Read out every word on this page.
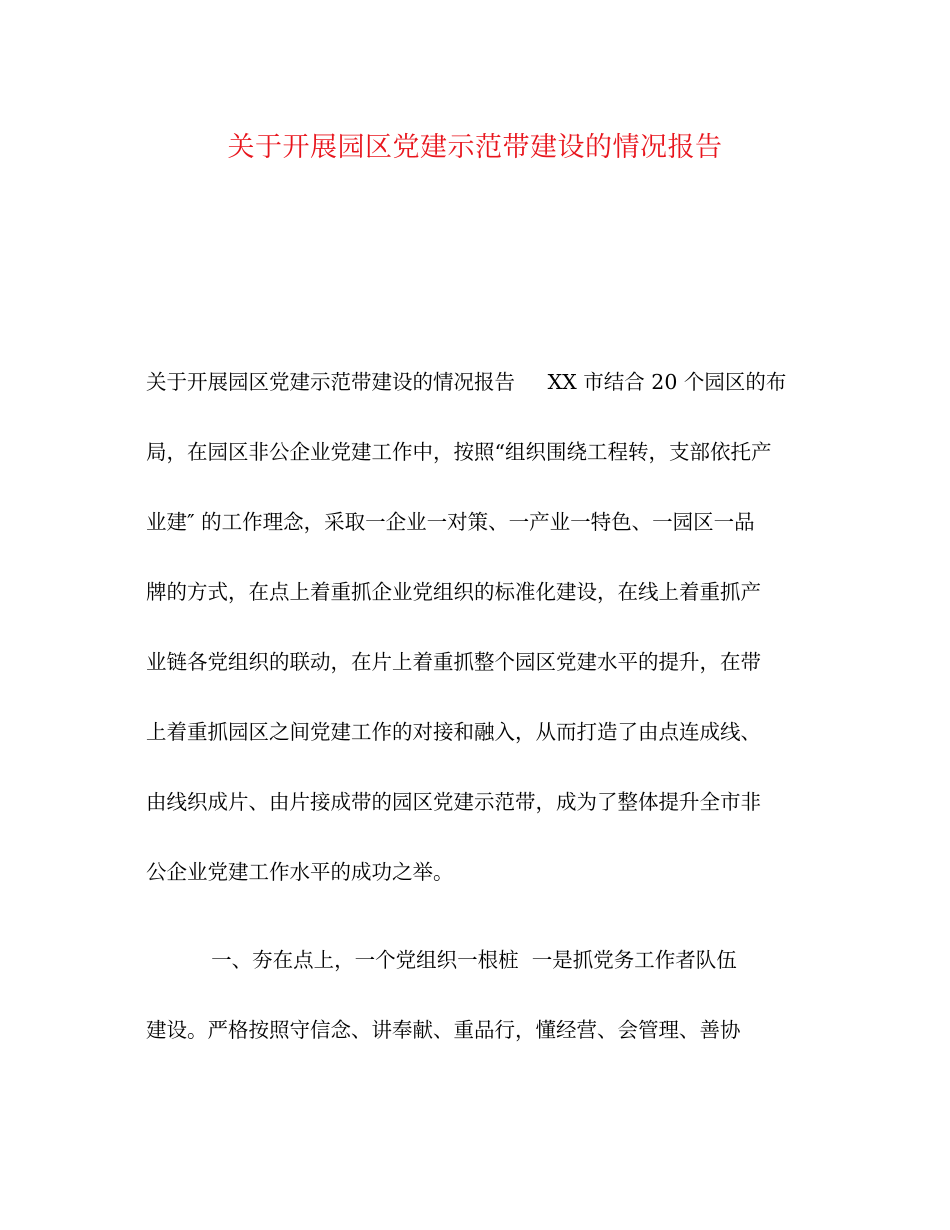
关于开展园区党建示范带建设的情况报告
关于开展园区党建示范带建设的情况报告     XX 市结合 20 个园区的布
局，在园区非公企业党建工作中，按照“组织围绕工程转，支部依托产
业建″ 的工作理念，采取一企业一对策、一产业一特色、一园区一品
牌的方式，在点上着重抓企业党组织的标准化建设，在线上着重抓产
业链各党组织的联动，在片上着重抓整个园区党建水平的提升，在带
上着重抓园区之间党建工作的对接和融入，从而打造了由点连成线、
由线织成片、由片接成带的园区党建示范带，成为了整体提升全市非
公企业党建工作水平的成功之举。
一、夯在点上，一个党组织一根桩  一是抓党务工作者队伍
建设。严格按照守信念、讲奉献、重品行，懂经营、会管理、善协
